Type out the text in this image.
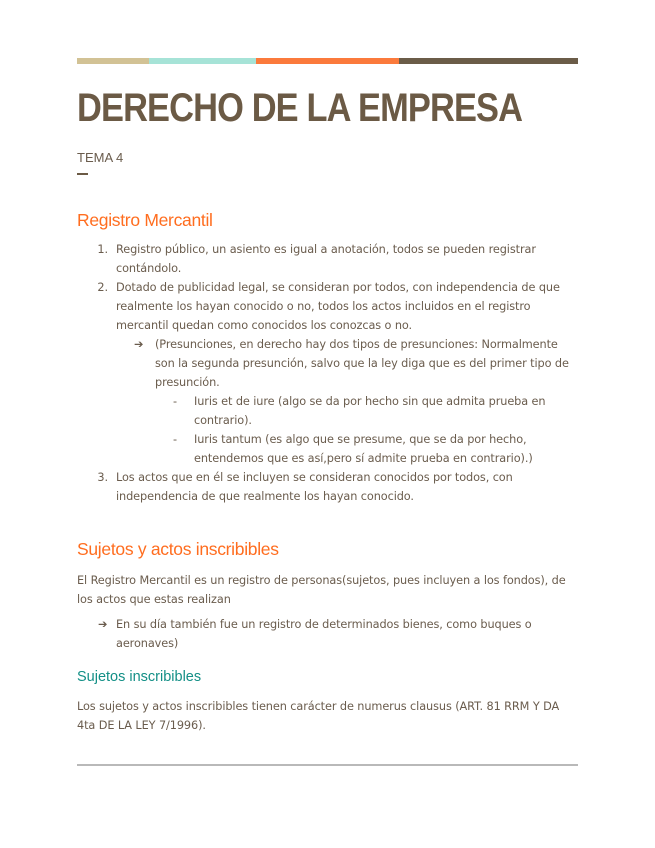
DERECHO DE LA EMPRESA
TEMA 4
Registro Mercantil
1. Registro público, un asiento es igual a anotación, todos se pueden registrar contándolo.
2. Dotado de publicidad legal, se consideran por todos, con independencia de que realmente los hayan conocido o no, todos los actos incluidos en el registro mercantil quedan como conocidos los conozcas o no.
➔	(Presunciones, en derecho hay dos tipos de presunciones: Normalmente son la segunda presunción, salvo que la ley diga que es del primer tipo de presunción.
-	Iuris et de iure (algo se da por hecho sin que admita prueba en contrario).
-	Iuris tantum (es algo que se presume, que se da por hecho, entendemos que es así,pero sí admite prueba en contrario).)
3. Los actos que en él se incluyen se consideran conocidos por todos, con independencia de que realmente los hayan conocido.
Sujetos y actos inscribibles

El Registro Mercantil es un registro de personas(sujetos, pues incluyen a los fondos), de los actos que estas realizan

➔ En su día también fue un registro de determinados bienes, como buques o aeronaves)
Sujetos inscribibles

Los sujetos y actos inscribibles tienen carácter de numerus clausus (ART. 81 RRM Y DA 4ta DE LA LEY 7/1996).
